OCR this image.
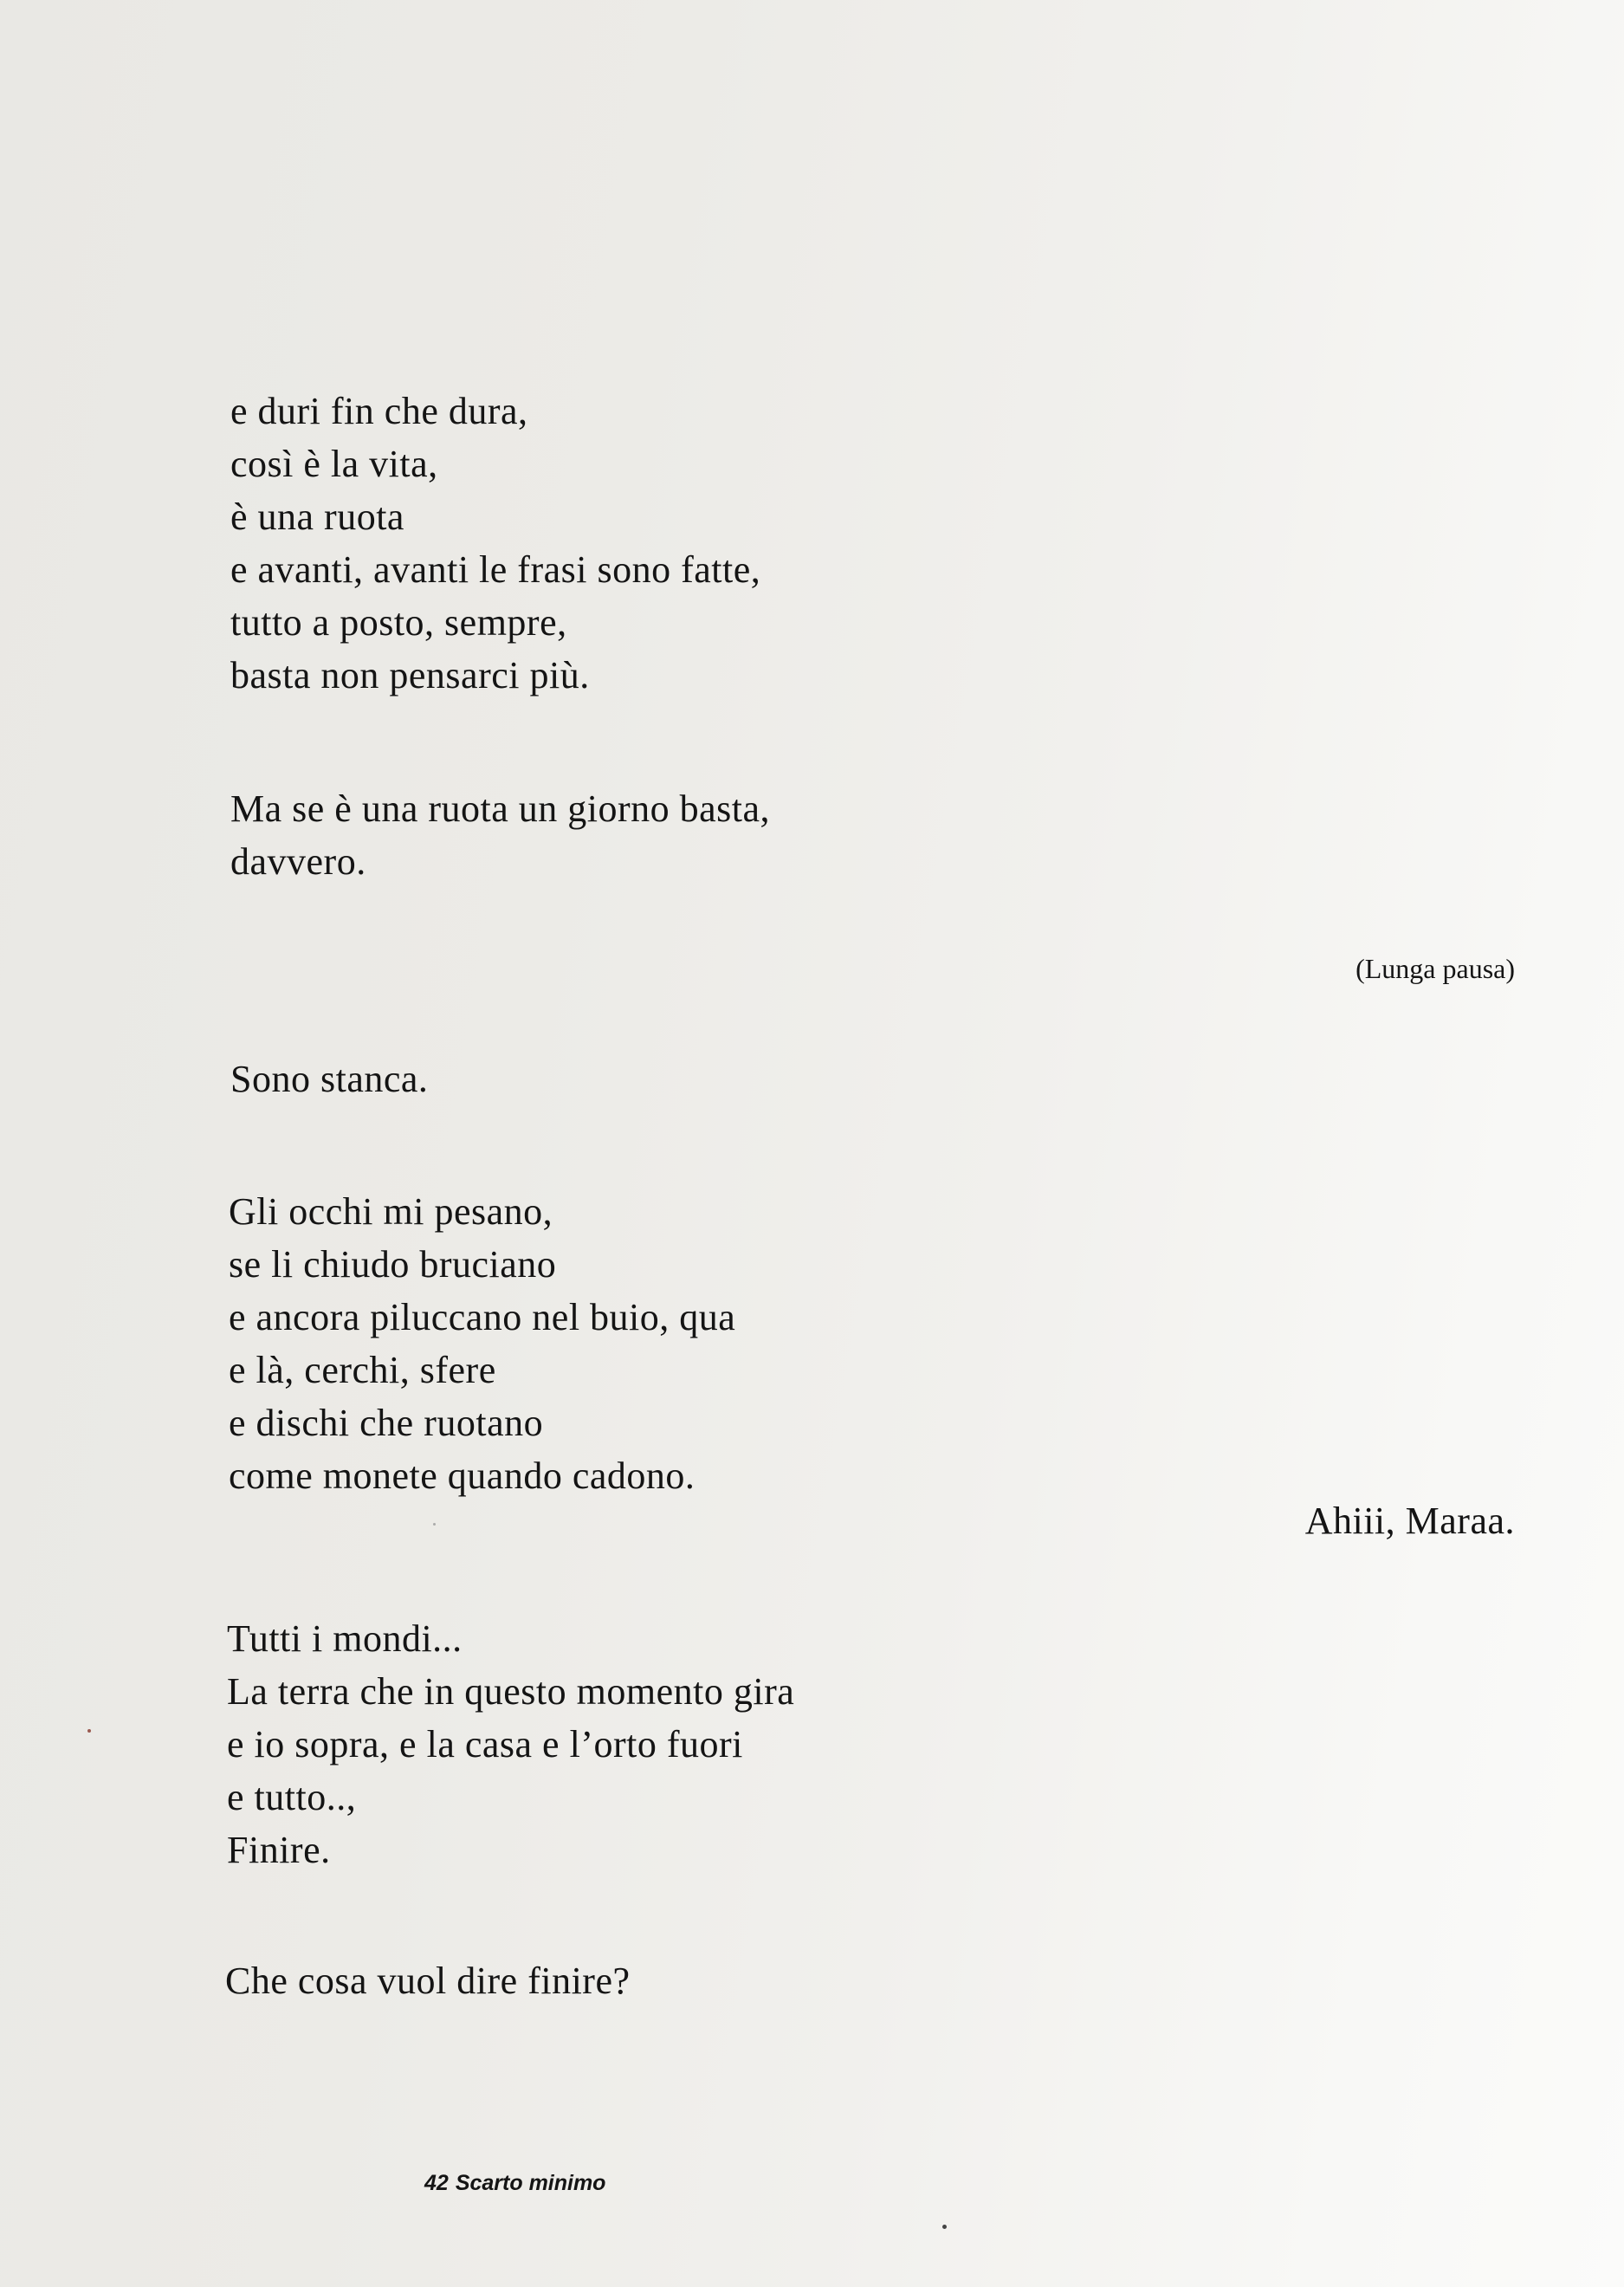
e duri fin che dura,
così è la vita,
è una ruota
e avanti, avanti le frasi sono fatte,
tutto a posto, sempre,
basta non pensarci più.
Ma se è una ruota un giorno basta,
davvero.
(Lunga pausa)
Sono stanca.
Gli occhi mi pesano,
se li chiudo bruciano
e ancora piluccano nel buio, qua
e là, cerchi, sfere
e dischi che ruotano
come monete quando cadono.
Ahiii, Maraa.
Tutti i mondi...
La terra che in questo momento gira
e io sopra, e la casa e l’orto fuori
e tutto..,
Finire.
Che cosa vuol dire finire?
42 Scarto minimo
